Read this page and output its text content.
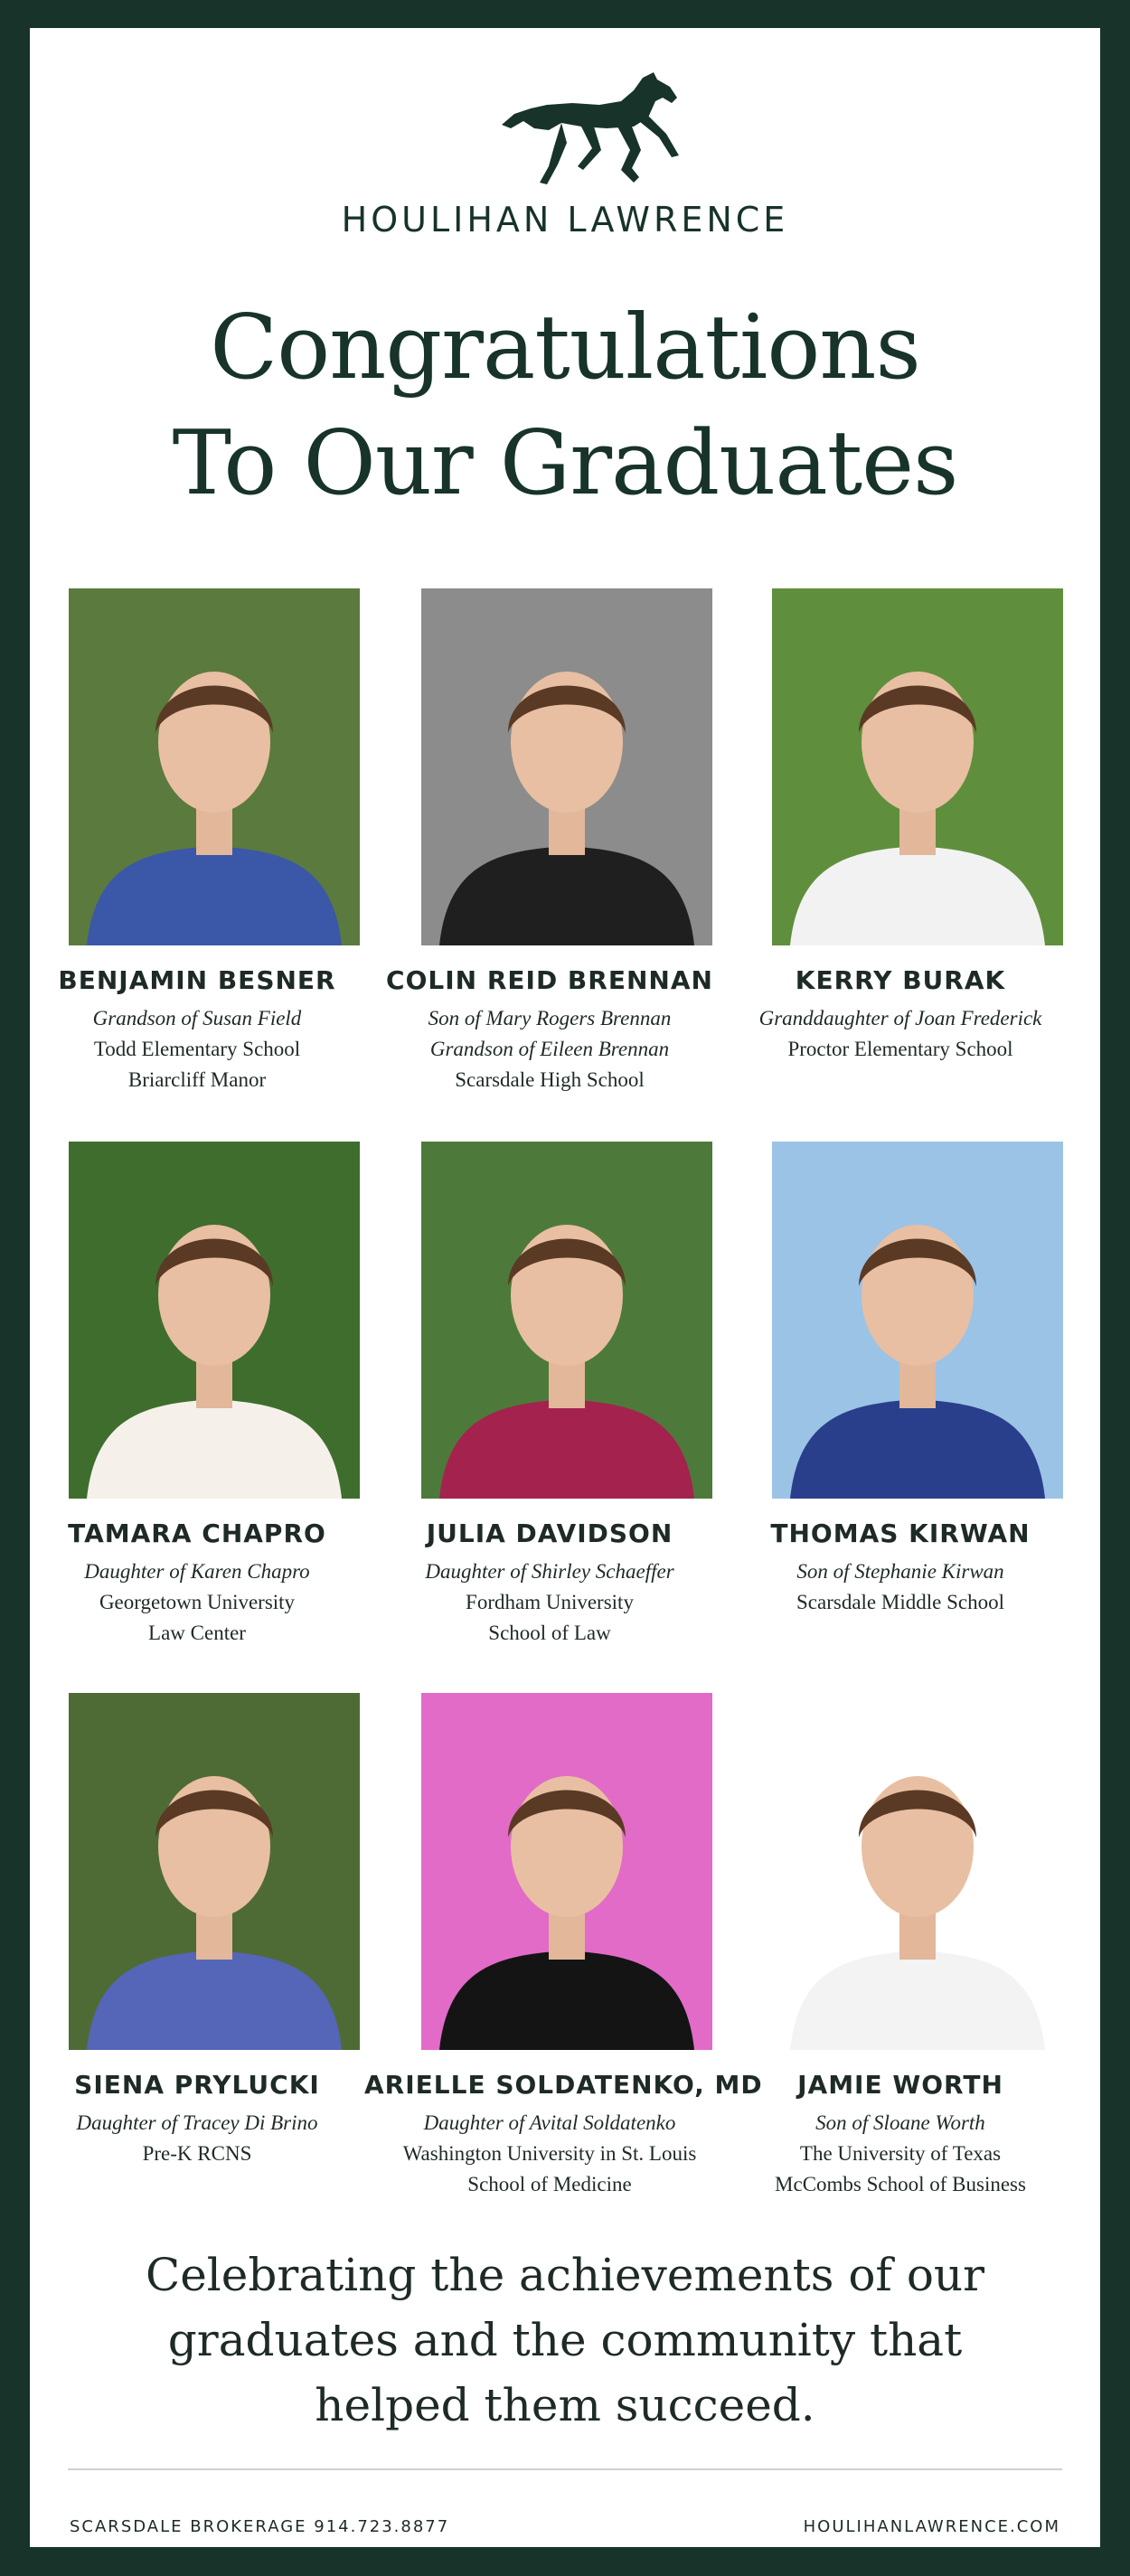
HOULIHAN LAWRENCE
Congratulations
To Our Graduates
BENJAMIN BESNER
Grandson of Susan Field
Todd Elementary School
Briarcliff Manor
COLIN REID BRENNAN
Son of Mary Rogers Brennan
Grandson of Eileen Brennan
Scarsdale High School
KERRY BURAK
Granddaughter of Joan Frederick
Proctor Elementary School
TAMARA CHAPRO
Daughter of Karen Chapro
Georgetown University
Law Center
JULIA DAVIDSON
Daughter of Shirley Schaeffer
Fordham University
School of Law
THOMAS KIRWAN
Son of Stephanie Kirwan
Scarsdale Middle School
SIENA PRYLUCKI
Daughter of Tracey Di Brino
Pre-K RCNS
ARIELLE SOLDATENKO, MD
Daughter of Avital Soldatenko
Washington University in St. Louis
School of Medicine
JAMIE WORTH
Son of Sloane Worth
The University of Texas
McCombs School of Business
Celebrating the achievements of our
graduates and the community that
helped them succeed.
SCARSDALE BROKERAGE 914.723.8877	HOULIHANLAWRENCE.COM
